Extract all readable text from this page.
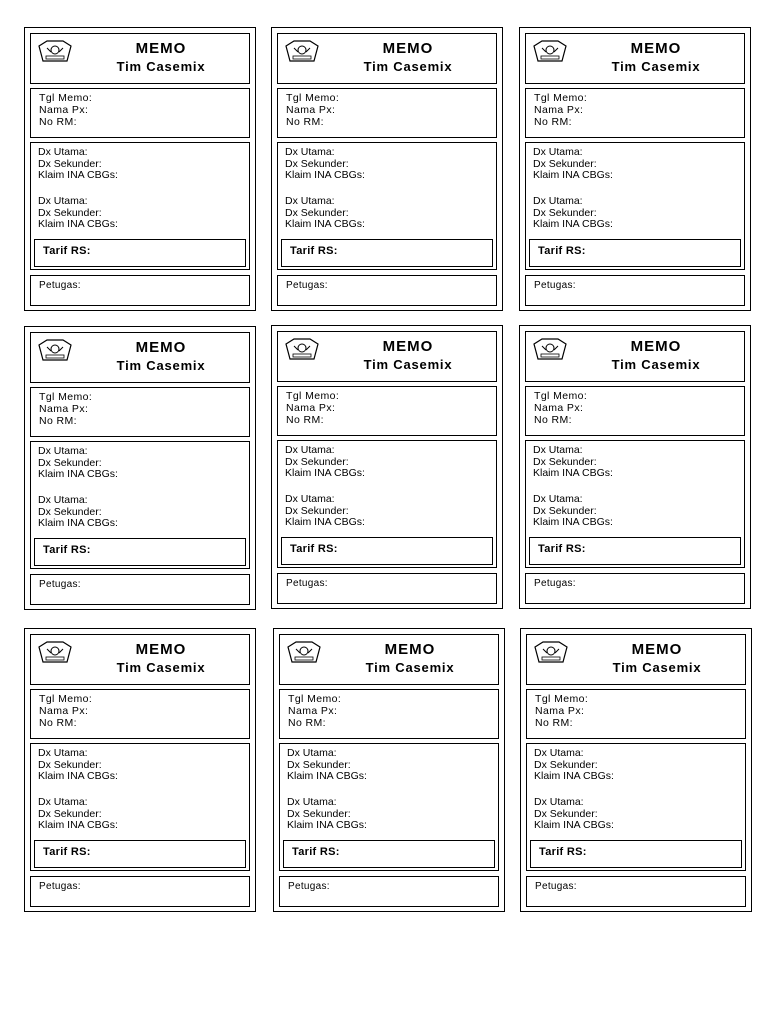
MEMO
Tim Casemix
Tgl Memo:
Nama Px:
No RM:
Dx Utama:
Dx Sekunder:
Klaim INA CBGs:
Dx Utama:
Dx Sekunder:
Klaim INA CBGs:
Tarif RS:
Petugas:
MEMO
Tim Casemix
Tgl Memo:
Nama Px:
No RM:
Dx Utama:
Dx Sekunder:
Klaim INA CBGs:
Dx Utama:
Dx Sekunder:
Klaim INA CBGs:
Tarif RS:
Petugas:
MEMO
Tim Casemix
Tgl Memo:
Nama Px:
No RM:
Dx Utama:
Dx Sekunder:
Klaim INA CBGs:
Dx Utama:
Dx Sekunder:
Klaim INA CBGs:
Tarif RS:
Petugas:
MEMO
Tim Casemix
Tgl Memo:
Nama Px:
No RM:
Dx Utama:
Dx Sekunder:
Klaim INA CBGs:
Dx Utama:
Dx Sekunder:
Klaim INA CBGs:
Tarif RS:
Petugas:
MEMO
Tim Casemix
Tgl Memo:
Nama Px:
No RM:
Dx Utama:
Dx Sekunder:
Klaim INA CBGs:
Dx Utama:
Dx Sekunder:
Klaim INA CBGs:
Tarif RS:
Petugas:
MEMO
Tim Casemix
Tgl Memo:
Nama Px:
No RM:
Dx Utama:
Dx Sekunder:
Klaim INA CBGs:
Dx Utama:
Dx Sekunder:
Klaim INA CBGs:
Tarif RS:
Petugas:
MEMO
Tim Casemix
Tgl Memo:
Nama Px:
No RM:
Dx Utama:
Dx Sekunder:
Klaim INA CBGs:
Dx Utama:
Dx Sekunder:
Klaim INA CBGs:
Tarif RS:
Petugas:
MEMO
Tim Casemix
Tgl Memo:
Nama Px:
No RM:
Dx Utama:
Dx Sekunder:
Klaim INA CBGs:
Dx Utama:
Dx Sekunder:
Klaim INA CBGs:
Tarif RS:
Petugas:
MEMO
Tim Casemix
Tgl Memo:
Nama Px:
No RM:
Dx Utama:
Dx Sekunder:
Klaim INA CBGs:
Dx Utama:
Dx Sekunder:
Klaim INA CBGs:
Tarif RS:
Petugas:
